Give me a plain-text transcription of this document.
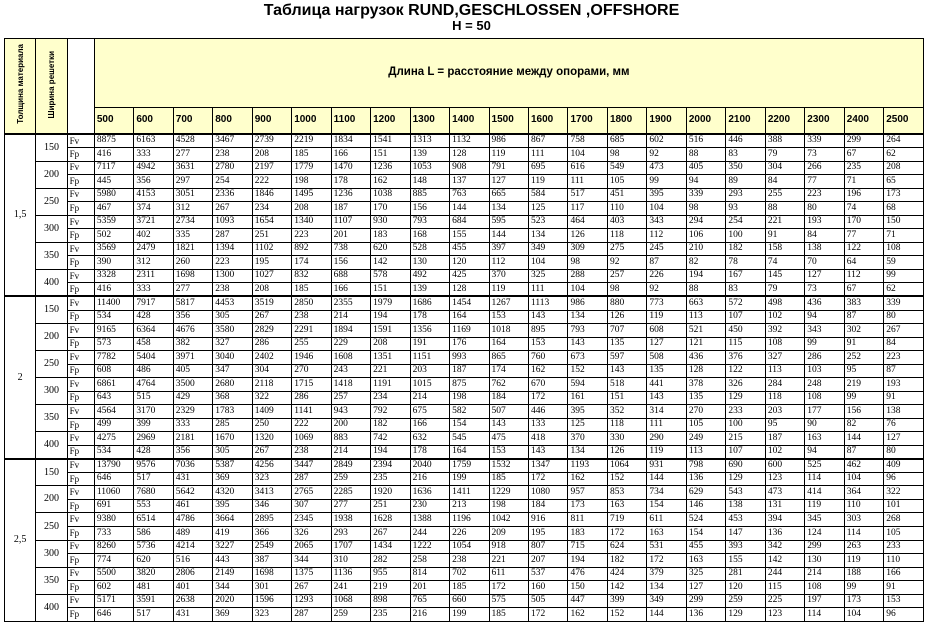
Таблица нагрузок RUND,GESCHLOSSEN ,OFFSHORE
H = 50
Толщина материала	Ширина решетки		Длина L = расстояние между опорами, мм																				
			500	600	700	800	900	1000	1100	1200	1300	1400	1500	1600	1700	1800	1900	2000	2100	2200	2300	2400	2500
1,5	150	Fv	8875	6163	4528	3467	2739	2219	1834	1541	1313	1132	986	867	758	685	602	516	446	388	339	299	264
		Fp	416	333	277	238	208	185	166	151	139	128	119	111	104	98	92	88	83	79	73	67	62
	200	Fv	7117	4942	3631	2780	2197	1779	1470	1236	1053	908	791	695	616	549	473	405	350	304	266	235	208
		Fp	445	356	297	254	222	198	178	162	148	137	127	119	111	105	99	94	89	84	77	71	65
	250	Fv	5980	4153	3051	2336	1846	1495	1236	1038	885	763	665	584	517	451	395	339	293	255	223	196	173
		Fp	467	374	312	267	234	208	187	170	156	144	134	125	117	110	104	98	93	88	80	74	68
	300	Fv	5359	3721	2734	1093	1654	1340	1107	930	793	684	595	523	464	403	343	294	254	221	193	170	150
		Fp	502	402	335	287	251	223	201	183	168	155	144	134	126	118	112	106	100	91	84	77	71
	350	Fv	3569	2479	1821	1394	1102	892	738	620	528	455	397	349	309	275	245	210	182	158	138	122	108
		Fp	390	312	260	223	195	174	156	142	130	120	112	104	98	92	87	82	78	74	70	64	59
	400	Fv	3328	2311	1698	1300	1027	832	688	578	492	425	370	325	288	257	226	194	167	145	127	112	99
		Fp	416	333	277	238	208	185	166	151	139	128	119	111	104	98	92	88	83	79	73	67	62
2	150	Fv	11400	7917	5817	4453	3519	2850	2355	1979	1686	1454	1267	1113	986	880	773	663	572	498	436	383	339
		Fp	534	428	356	305	267	238	214	194	178	164	153	143	134	126	119	113	107	102	94	87	80
	200	Fv	9165	6364	4676	3580	2829	2291	1894	1591	1356	1169	1018	895	793	707	608	521	450	392	343	302	267
		Fp	573	458	382	327	286	255	229	208	191	176	164	153	143	135	127	121	115	108	99	91	84
	250	Fv	7782	5404	3971	3040	2402	1946	1608	1351	1151	993	865	760	673	597	508	436	376	327	286	252	223
		Fp	608	486	405	347	304	270	243	221	203	187	174	162	152	143	135	128	122	113	103	95	87
	300	Fv	6861	4764	3500	2680	2118	1715	1418	1191	1015	875	762	670	594	518	441	378	326	284	248	219	193
		Fp	643	515	429	368	322	286	257	234	214	198	184	172	161	151	143	135	129	118	108	99	91
	350	Fv	4564	3170	2329	1783	1409	1141	943	792	675	582	507	446	395	352	314	270	233	203	177	156	138
		Fp	499	399	333	285	250	222	200	182	166	154	143	133	125	118	111	105	100	95	90	82	76
	400	Fv	4275	2969	2181	1670	1320	1069	883	742	632	545	475	418	370	330	290	249	215	187	163	144	127
		Fp	534	428	356	305	267	238	214	194	178	164	153	143	134	126	119	113	107	102	94	87	80
2,5	150	Fv	13790	9576	7036	5387	4256	3447	2849	2394	2040	1759	1532	1347	1193	1064	931	798	690	600	525	462	409
		Fp	646	517	431	369	323	287	259	235	216	199	185	172	162	152	144	136	129	123	114	104	96
	200	Fv	11060	7680	5642	4320	3413	2765	2285	1920	1636	1411	1229	1080	957	853	734	629	543	473	414	364	322
		Fp	691	553	461	395	346	307	277	251	230	213	198	184	173	163	154	146	138	131	119	110	101
	250	Fv	9380	6514	4786	3664	2895	2345	1938	1628	1388	1196	1042	916	811	719	611	524	453	394	345	303	268
		Fp	733	586	489	419	366	326	293	267	244	226	209	195	183	172	163	154	147	136	124	114	105
	300	Fv	8260	5736	4214	3227	2549	2065	1707	1434	1222	1054	918	807	715	624	531	455	393	342	299	263	233
		Fp	774	620	516	443	387	344	310	282	258	238	221	207	194	182	172	163	155	142	130	119	110
	350	Fv	5500	3820	2806	2149	1698	1375	1136	955	814	702	611	537	476	424	379	325	281	244	214	188	166
		Fp	602	481	401	344	301	267	241	219	201	185	172	160	150	142	134	127	120	115	108	99	91
	400	Fv	5171	3591	2638	2020	1596	1293	1068	898	765	660	575	505	447	399	349	299	259	225	197	173	153
		Fp	646	517	431	369	323	287	259	235	216	199	185	172	162	152	144	136	129	123	114	104	96
